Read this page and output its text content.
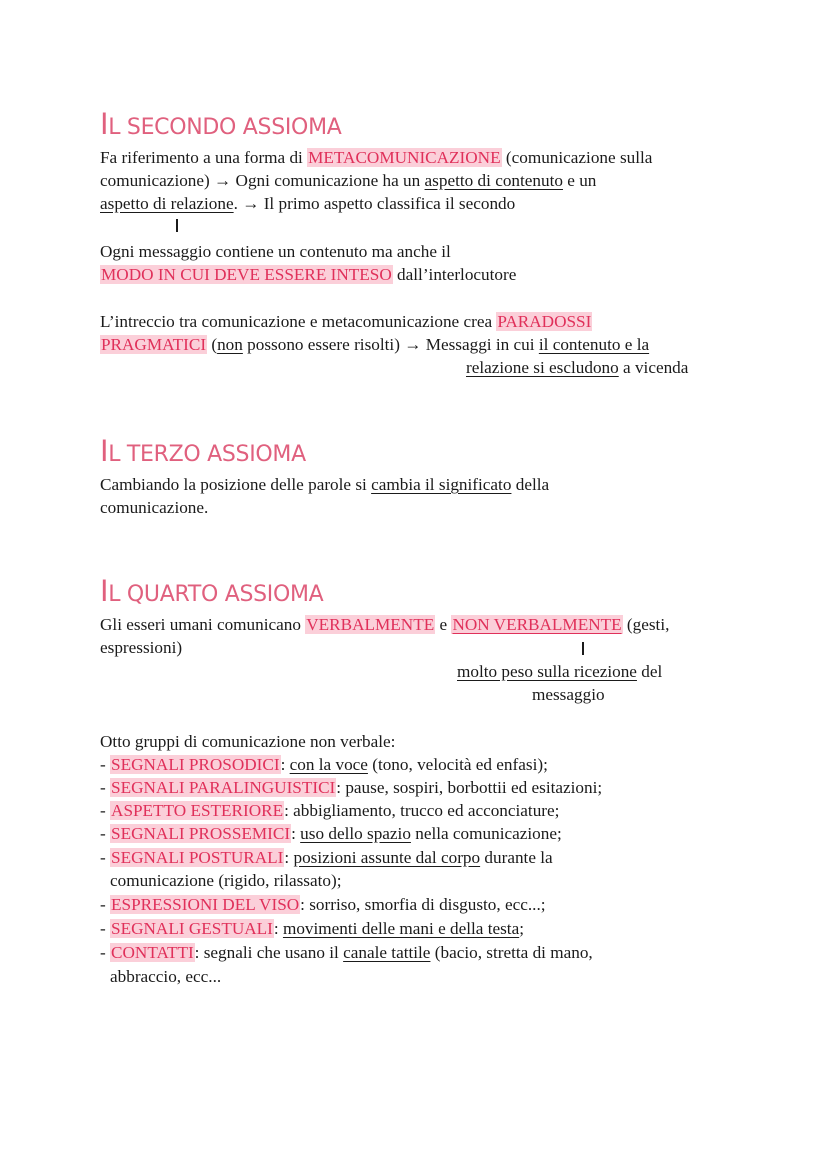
IL SECONDO ASSIOMA

Fa riferimento a una forma di METACOMUNICAZIONE (comunicazione sulla

comunicazione) → Ogni comunicazione ha un aspetto di contenuto e un

aspetto di relazione. → Il primo aspetto classifica il secondo

Ogni messaggio contiene un contenuto ma anche il

MODO IN CUI DEVE ESSERE INTESO dall’interlocutore

L’intreccio tra comunicazione e metacomunicazione crea PARADOSSI

PRAGMATICI (non possono essere risolti) → Messaggi in cui il contenuto e la

relazione si escludono a vicenda

IL TERZO ASSIOMA

Cambiando la posizione delle parole si cambia il significato della

comunicazione.

IL QUARTO ASSIOMA

Gli esseri umani comunicano VERBALMENTE e NON VERBALMENTE (gesti,

espressioni)

molto peso sulla ricezione del

messaggio

Otto gruppi di comunicazione non verbale:

- SEGNALI PROSODICI: con la voce (tono, velocità ed enfasi);

- SEGNALI PARALINGUISTICI: pause, sospiri, borbottii ed esitazioni;

- ASPETTO ESTERIORE: abbigliamento, trucco ed acconciature;

- SEGNALI PROSSEMICI: uso dello spazio nella comunicazione;

- SEGNALI POSTURALI: posizioni assunte dal corpo durante la

comunicazione (rigido, rilassato);

- ESPRESSIONI DEL VISO: sorriso, smorfia di disgusto, ecc...;

- SEGNALI GESTUALI: movimenti delle mani e della testa;

- CONTATTI: segnali che usano il canale tattile (bacio, stretta di mano,

abbraccio, ecc...
